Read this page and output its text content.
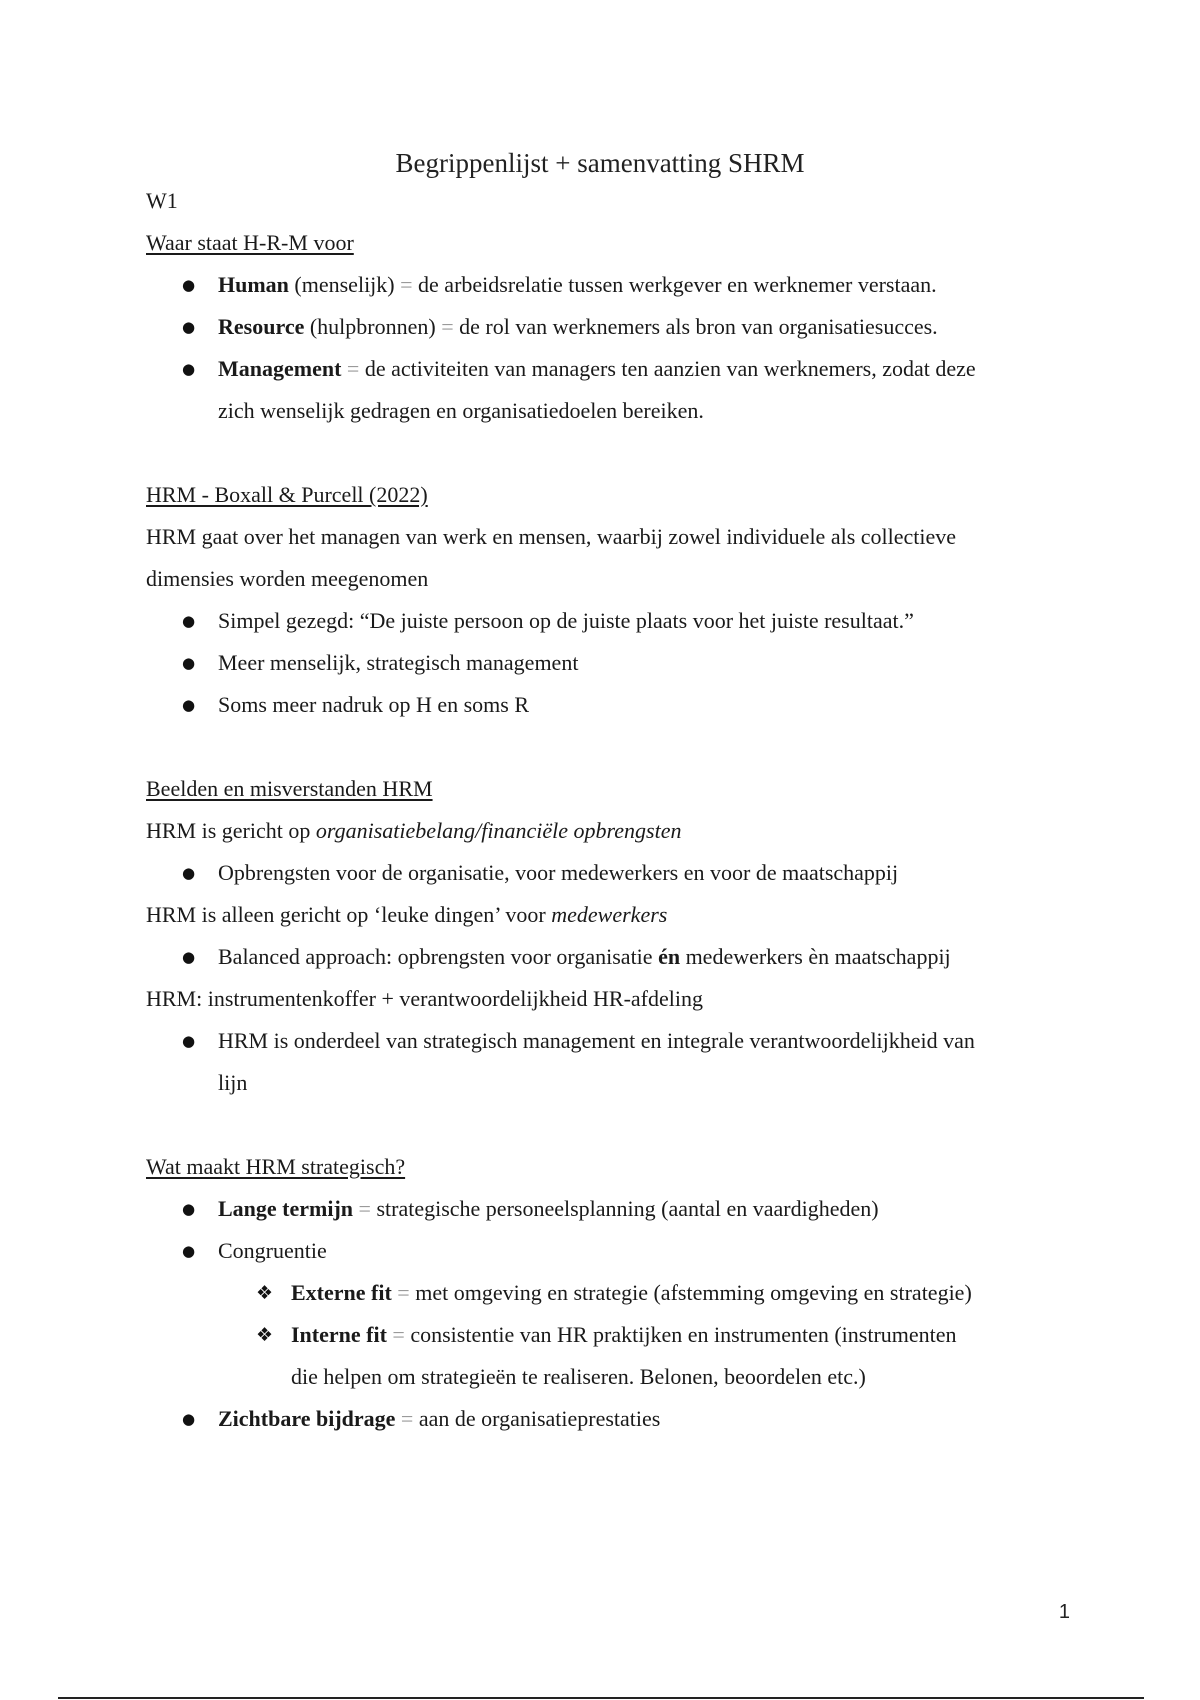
Begrippenlijst + samenvatting SHRM

W1

Waar staat H-R-M voor

● Human (menselijk) = de arbeidsrelatie tussen werkgever en werknemer verstaan.
● Resource (hulpbronnen) = de rol van werknemers als bron van organisatiesucces.
● Management = de activiteiten van managers ten aanzien van werknemers, zodat deze
zich wenselijk gedragen en organisatiedoelen bereiken.

HRM - Boxall & Purcell (2022)

HRM gaat over het managen van werk en mensen, waarbij zowel individuele als collectieve

dimensies worden meegenomen

● Simpel gezegd: “De juiste persoon op de juiste plaats voor het juiste resultaat.”
● Meer menselijk, strategisch management
● Soms meer nadruk op H en soms R

Beelden en misverstanden HRM

HRM is gericht op organisatiebelang/financiële opbrengsten

● Opbrengsten voor de organisatie, voor medewerkers en voor de maatschappij

HRM is alleen gericht op ‘leuke dingen’ voor medewerkers

● Balanced approach: opbrengsten voor organisatie én medewerkers èn maatschappij

HRM: instrumentenkoffer + verantwoordelijkheid HR-afdeling

● HRM is onderdeel van strategisch management en integrale verantwoordelijkheid van
lijn

Wat maakt HRM strategisch?

● Lange termijn = strategische personeelsplanning (aantal en vaardigheden)
● Congruentie
❖ Externe fit = met omgeving en strategie (afstemming omgeving en strategie)
❖ Interne fit = consistentie van HR praktijken en instrumenten (instrumenten
die helpen om strategieën te realiseren. Belonen, beoordelen etc.)
● Zichtbare bijdrage = aan de organisatieprestaties
1
